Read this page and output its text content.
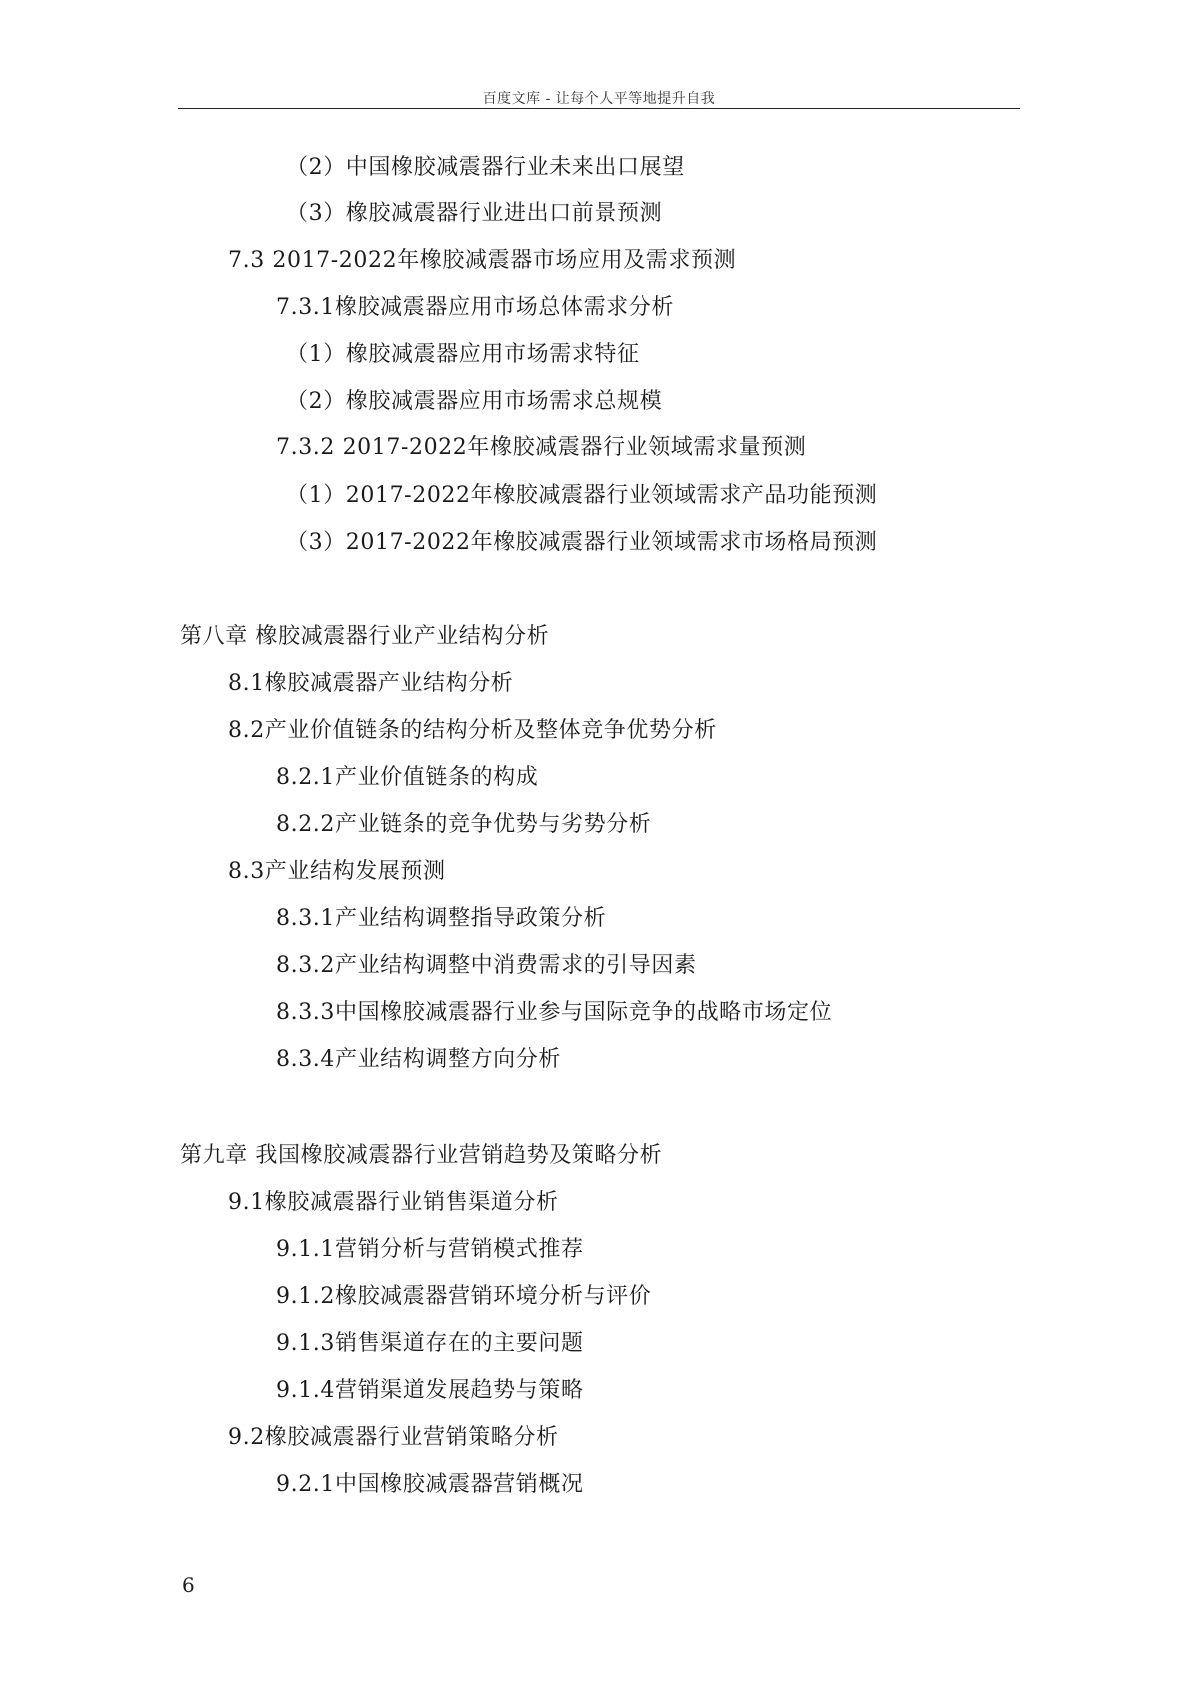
百度文库 - 让每个人平等地提升自我
（2）中国橡胶减震器行业未来出口展望
（3）橡胶减震器行业进出口前景预测
7.3 2017-2022年橡胶减震器市场应用及需求预测
7.3.1橡胶减震器应用市场总体需求分析
（1）橡胶减震器应用市场需求特征
（2）橡胶减震器应用市场需求总规模
7.3.2 2017-2022年橡胶减震器行业领域需求量预测
（1）2017-2022年橡胶减震器行业领域需求产品功能预测
（3）2017-2022年橡胶减震器行业领域需求市场格局预测
第八章 橡胶减震器行业产业结构分析
8.1橡胶减震器产业结构分析
8.2产业价值链条的结构分析及整体竞争优势分析
8.2.1产业价值链条的构成
8.2.2产业链条的竞争优势与劣势分析
8.3产业结构发展预测
8.3.1产业结构调整指导政策分析
8.3.2产业结构调整中消费需求的引导因素
8.3.3中国橡胶减震器行业参与国际竞争的战略市场定位
8.3.4产业结构调整方向分析
第九章 我国橡胶减震器行业营销趋势及策略分析
9.1橡胶减震器行业销售渠道分析
9.1.1营销分析与营销模式推荐
9.1.2橡胶减震器营销环境分析与评价
9.1.3销售渠道存在的主要问题
9.1.4营销渠道发展趋势与策略
9.2橡胶减震器行业营销策略分析
9.2.1中国橡胶减震器营销概况
6
